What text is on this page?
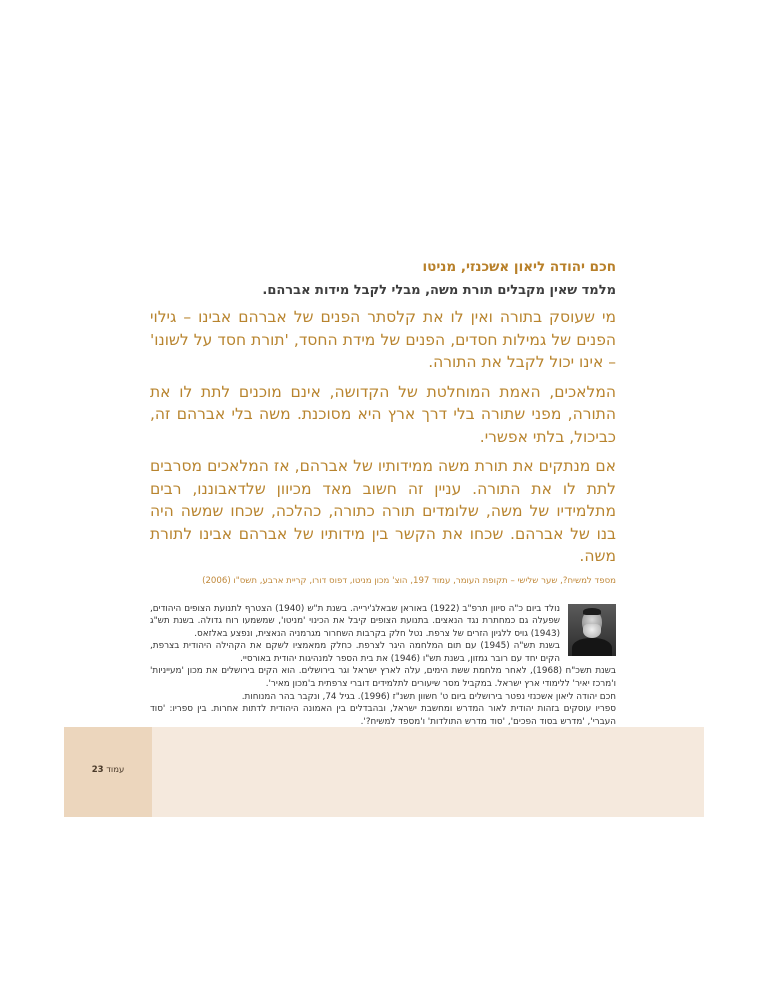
חכם יהודה ליאון אשכנזי, מניטו
מלמד שאין מקבלים תורת משה, מבלי לקבל מידות אברהם.

מי שעוסק בתורה ואין לו את קלסתר הפנים של אברהם אבינו – גילוי הפנים של גמילות חסדים, הפנים של מידת החסד, 'תורת חסד על לשונו' – אינו יכול לקבל את התורה.

המלאכים, האמת המוחלטת של הקדושה, אינם מוכנים לתת לו את התורה, מפני שתורה בלי דרך ארץ היא מסוכנת. משה בלי אברהם זה, כביכול, בלתי אפשרי.

אם מנתקים את תורת משה ממידותיו של אברהם, אז המלאכים מסרבים לתת לו את התורה. עניין זה חשוב מאד מכיוון שלדאבוננו, רבים מתלמידיו של משה, שלומדים תורה כתורה, כהלכה, שכחו שמשה היה בנו של אברהם. שכחו את הקשר בין מידותיו של אברהם אבינו לתורת משה.

מספד למשיח?, שער שלישי – תקופת העומר, עמוד 197, הוצ' מכון מניטו, דפוס דורו, קריית ארבע, תשס"ו (2006)

נולד ביום כ"ה סיוון תרפ"ב (1922) באוראן שבאלג'ירייה. בשנת ת"ש (1940) הצטרף לתנועת הצופים היהודים, שפעלה גם כמחתרת נגד הנאצים. בתנועת הצופים קיבל את הכינוי 'מניטו', שמשמעו רוח גדולה. בשנת תש"ג (1943) גויס ללגיון הזרים של צרפת. נטל חלק בקרבות השחרור מגרמניה הנאצית, ונפצע באלזאס.

בשנת תש"ה (1945) עם תום המלחמה היגר לצרפת. כחלק ממאמציו לשקם את הקהילה היהודית בצרפת, הקים יחד עם רובר גמזון, בשנת תש"ו (1946) את בית הספר למנהיגות יהודית באורסיי.

בשנת תשכ"ח (1968), לאחר מלחמת ששת הימים, עלה לארץ ישראל וגר בירושלים. הוא הקים בירושלים את מכון 'מעייניות' ו'מרכז יאיר' ללימודי ארץ ישראל. במקביל מסר שיעורים לתלמידים דוברי צרפתית ב'מכון מאיר'.

חכם יהודה ליאון אשכנזי נפטר בירושלים ביום ט' חשוון תשנ"ז (1996). בגיל 74, ונקבר בהר המנוחות.

ספריו עוסקים בזהות יהודית לאור המדרש ומחשבת ישראל, ובהבדלים בין האמונה היהודית לדתות אחרות. בין ספריו: 'סוד העברי', 'מדרש בסוד הפכים', 'סוד מדרש התולדות' ו'מספד למשיח?'.

עמוד 23
